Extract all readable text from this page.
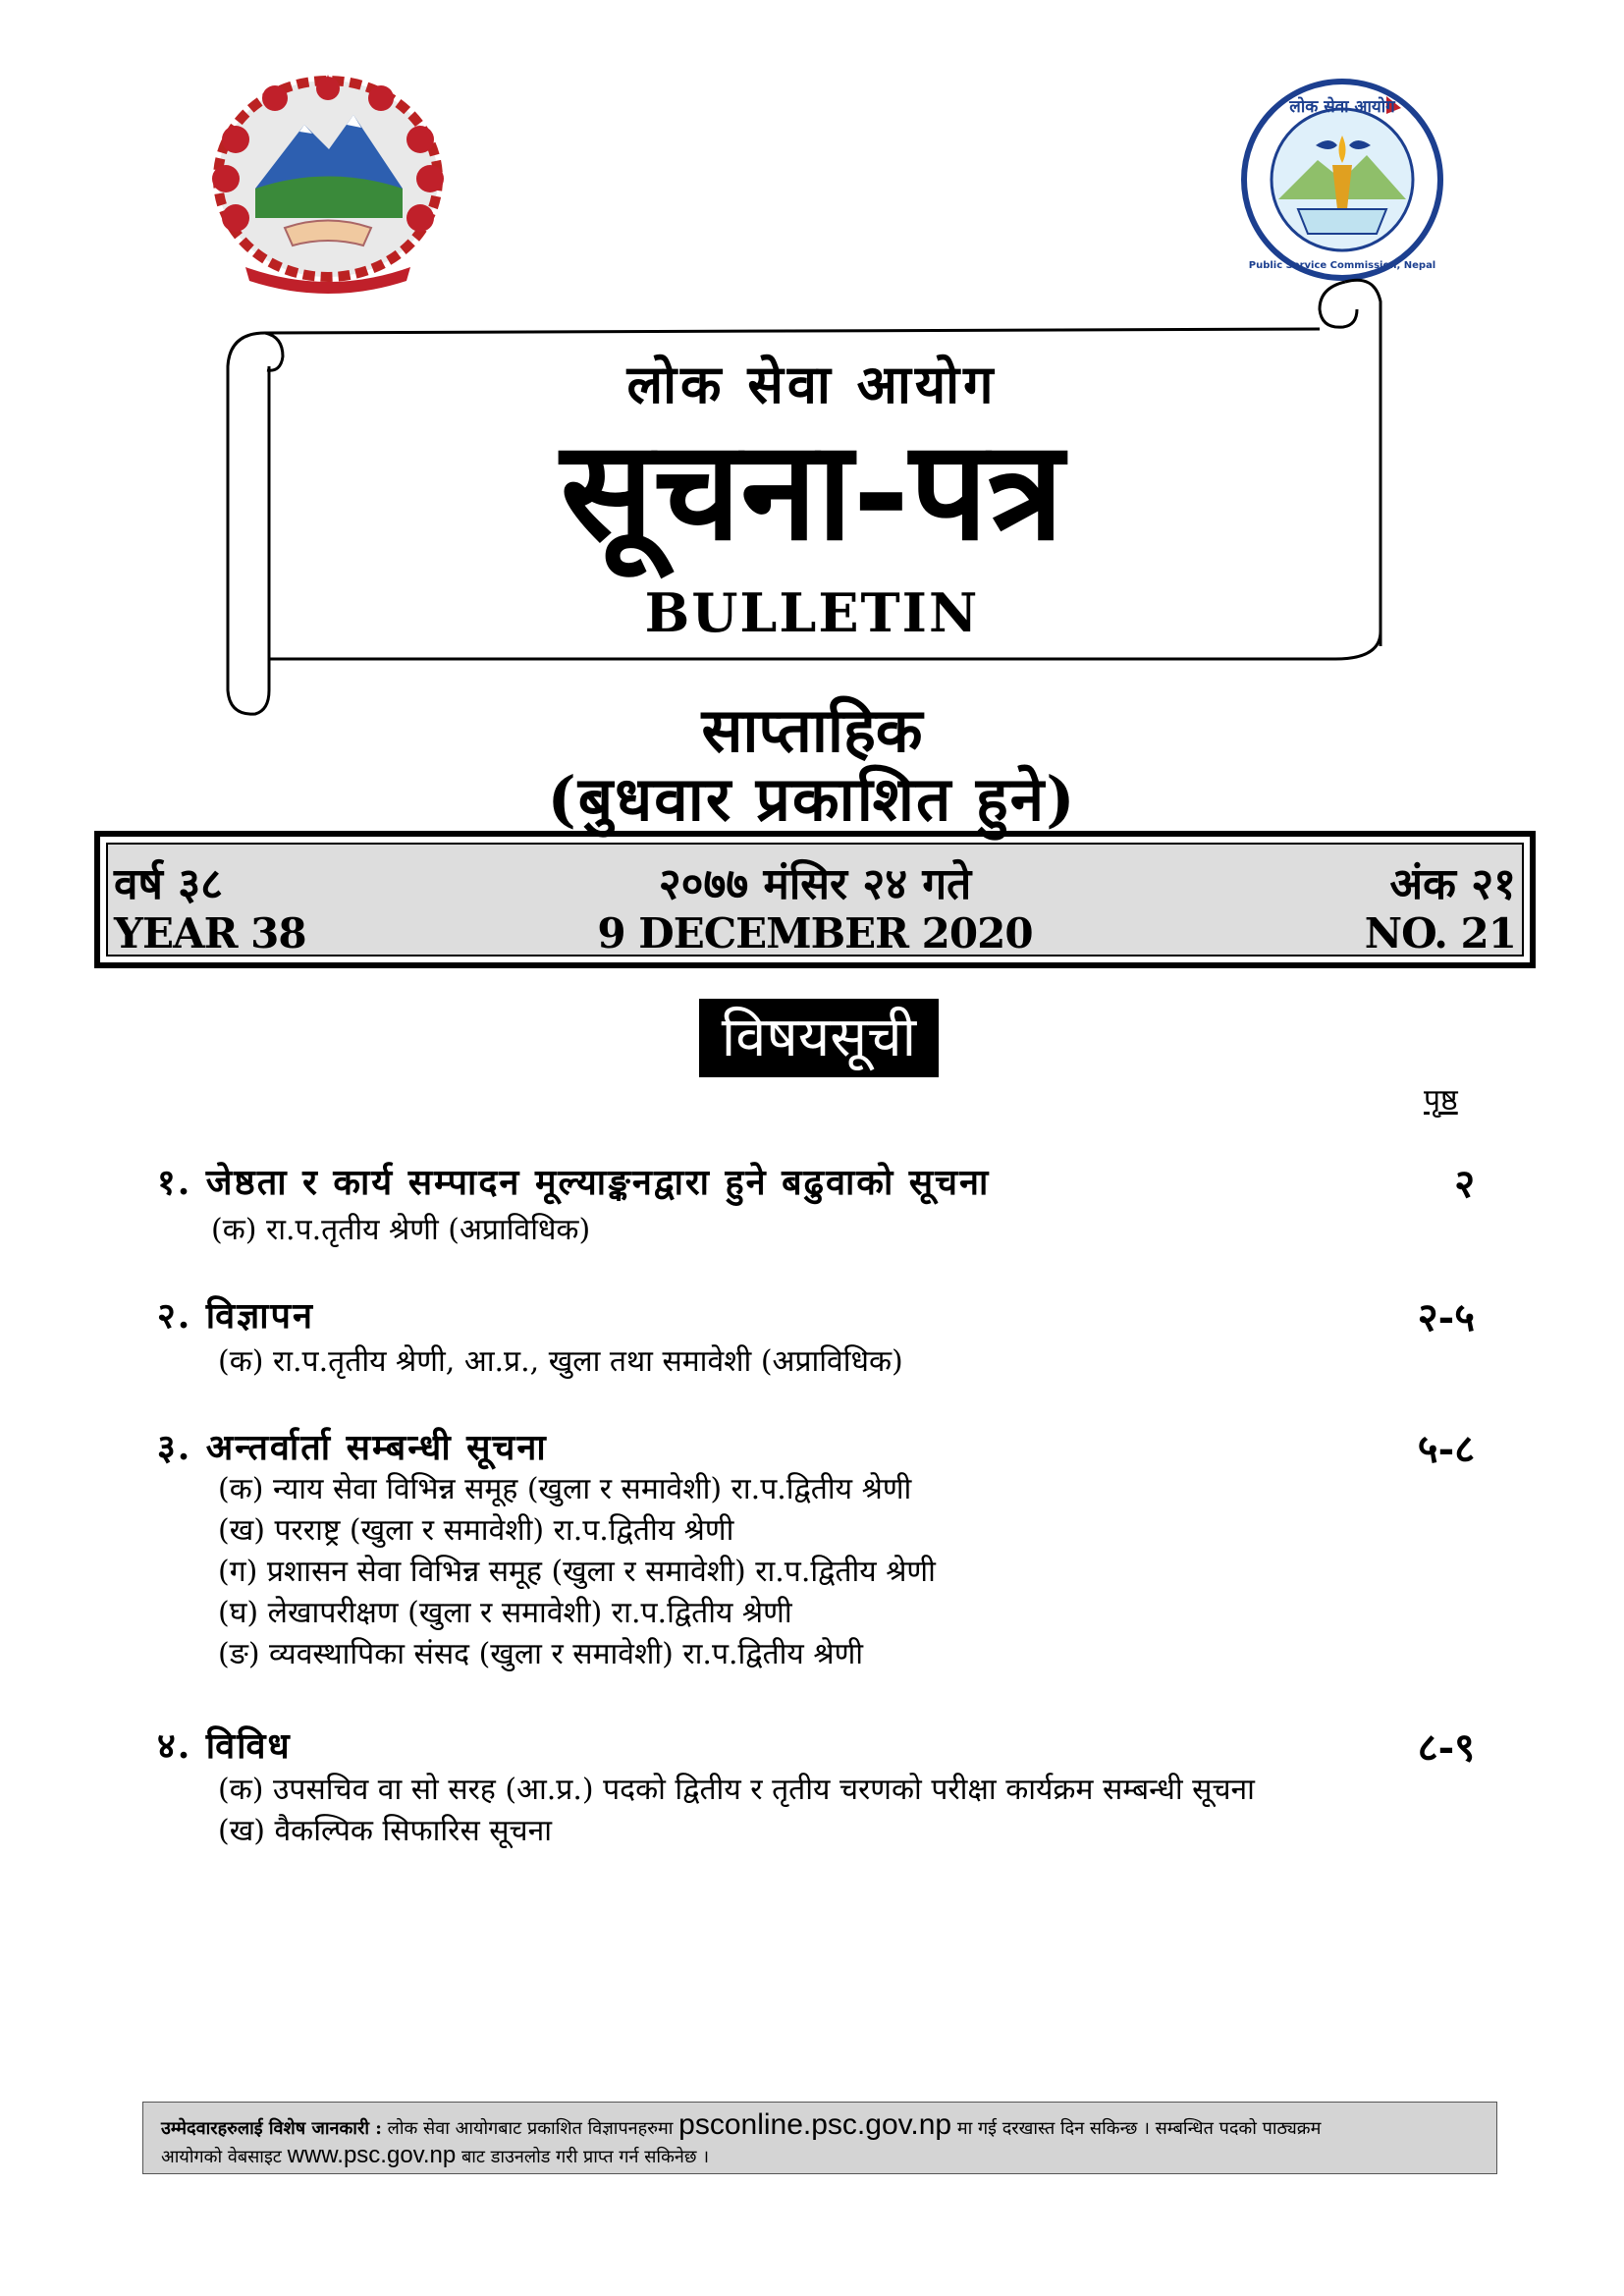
लोक सेवा आयोग
Public Service Commission, Nepal
लोक सेवा आयोग
सूचना-पत्र
BULLETIN
साप्ताहिक
(बुधवार प्रकाशित हुने)
वर्ष ३८	२०७७ मंसिर २४ गते	अंक २१
YEAR 38	9 DECEMBER 2020	NO. 21
विषयसूची
पृष्ठ
१. जेष्ठता र कार्य सम्पादन मूल्याङ्कनद्वारा हुने बढुवाको सूचना	२
(क) रा.प.तृतीय श्रेणी (अप्राविधिक)
२. विज्ञापन	२-५
(क) रा.प.तृतीय श्रेणी, आ.प्र., खुला तथा समावेशी (अप्राविधिक)
३. अन्तर्वार्ता सम्बन्धी सूचना	५-८
(क) न्याय सेवा विभिन्न समूह (खुला र समावेशी) रा.प.द्वितीय श्रेणी
(ख) परराष्ट्र (खुला र समावेशी) रा.प.द्वितीय श्रेणी
(ग) प्रशासन सेवा विभिन्न समूह (खुला र समावेशी) रा.प.द्वितीय श्रेणी
(घ) लेखापरीक्षण (खुला र समावेशी) रा.प.द्वितीय श्रेणी
(ङ) व्यवस्थापिका संसद (खुला र समावेशी) रा.प.द्वितीय श्रेणी
४. विविध	८-९
(क) उपसचिव वा सो सरह (आ.प्र.) पदको द्वितीय र तृतीय चरणको परीक्षा कार्यक्रम सम्बन्धी सूचना
(ख) वैकल्पिक सिफारिस सूचना
उम्मेदवारहरुलाई विशेष जानकारी : लोक सेवा आयोगबाट प्रकाशित विज्ञापनहरुमा psconline.psc.gov.np मा गई दरखास्त दिन सकिन्छ । सम्बन्धित पदको पाठ्यक्रम
आयोगको वेबसाइट www.psc.gov.np बाट डाउनलोड गरी प्राप्त गर्न सकिनेछ ।
